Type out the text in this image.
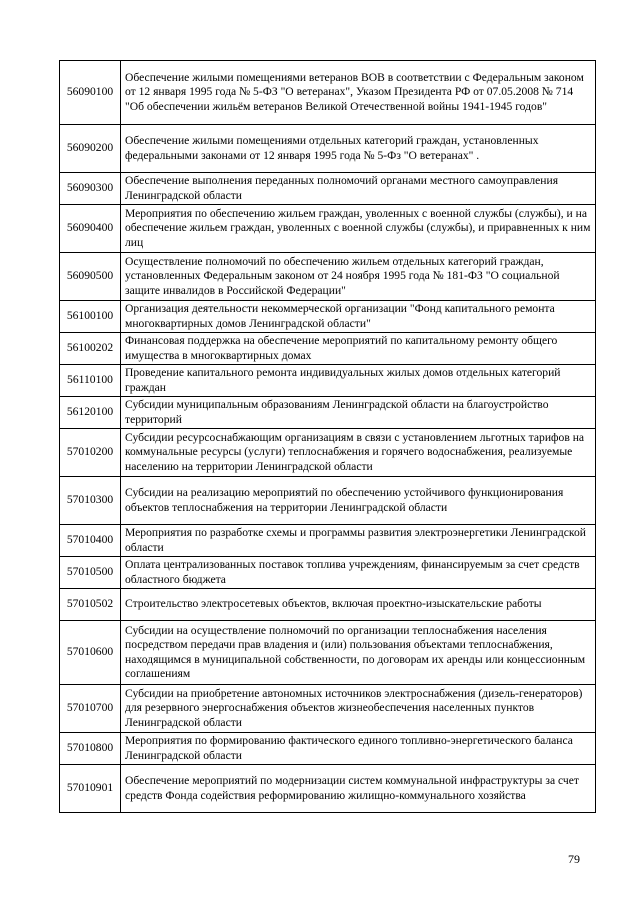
56090100	Обеспечение жилыми помещениями ветеранов ВОВ в соответствии с Федеральным законом от 12 января 1995 года № 5-ФЗ "О ветеранах", Указом Президента РФ от 07.05.2008 № 714 "Об обеспечении жильём ветеранов Великой Отечественной войны 1941-1945 годов"
56090200	Обеспечение жилыми помещениями отдельных категорий граждан, установленных федеральными законами от 12 января 1995 года № 5-Фз "О ветеранах" .
56090300	Обеспечение выполнения переданных полномочий органами местного самоуправления Ленинградской области
56090400	Мероприятия по обеспечению жильем граждан, уволенных с военной службы (службы), и на обеспечение жильем граждан, уволенных с военной службы (службы), и приравненных к ним лиц
56090500	Осуществление полномочий по обеспечению жильем отдельных категорий граждан, установленных Федеральным законом от 24 ноября 1995 года № 181-ФЗ "О социальной защите инвалидов в Российской Федерации"
56100100	Организация деятельности некоммерческой организации "Фонд капитального ремонта многоквартирных домов Ленинградской области"
56100202	Финансовая поддержка на обеспечение мероприятий по капитальному ремонту общего имущества в многоквартирных домах
56110100	Проведение капитального ремонта индивидуальных жилых домов отдельных категорий граждан
56120100	Субсидии муниципальным образованиям Ленинградской области на благоустройство территорий
57010200	Субсидии ресурсоснабжающим организациям в связи с установлением льготных тарифов на коммунальные ресурсы (услуги) теплоснабжения и горячего водоснабжения, реализуемые населению на территории Ленинградской области
57010300	Субсидии на реализацию мероприятий по обеспечению устойчивого функционирования объектов теплоснабжения на территории Ленинградской области
57010400	Мероприятия по разработке схемы и программы развития электроэнергетики Ленинградской области
57010500	Оплата централизованных поставок топлива учреждениям, финансируемым за счет средств областного бюджета
57010502	Строительство электросетевых объектов, включая проектно-изыскательские работы
57010600	Субсидии на осуществление полномочий по организации теплоснабжения населения посредством передачи прав владения и (или) пользования объектами теплоснабжения, находящимся в муниципальной собственности, по договорам их аренды или концессионным соглашениям
57010700	Субсидии на приобретение автономных источников электроснабжения (дизель-генераторов) для резервного энергоснабжения объектов жизнеобеспечения населенных пунктов Ленинградской области
57010800	Мероприятия по формированию фактического единого топливно-энергетического баланса Ленинградской области
57010901	Обеспечение мероприятий по модернизации систем коммунальной инфраструктуры за счет средств Фонда содействия реформированию жилищно-коммунального хозяйства
79
